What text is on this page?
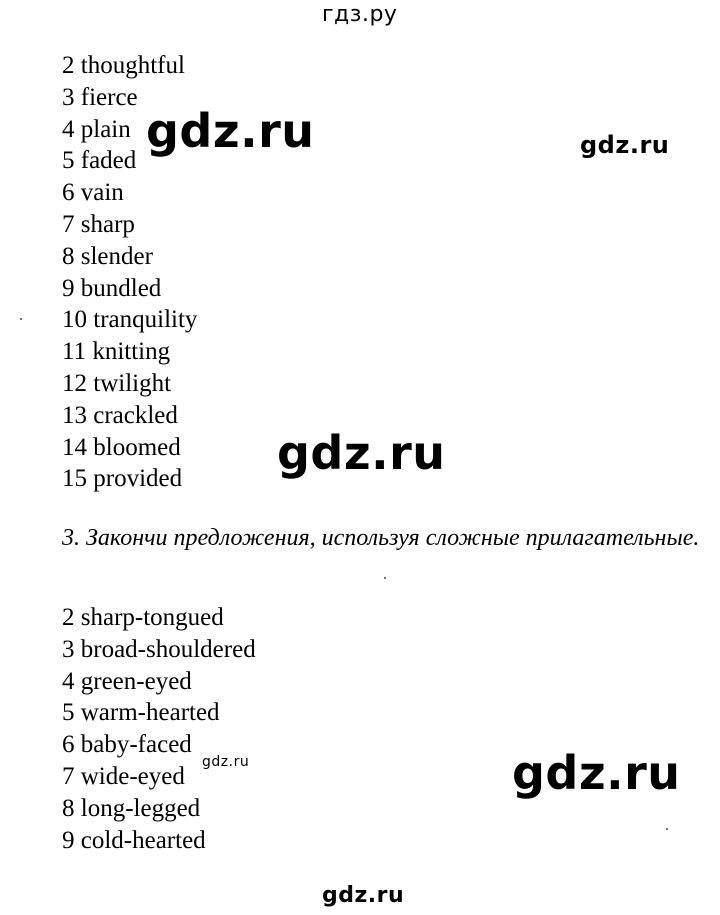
гдз.ру
2 thoughtful
3 fierce
4 plain
5 faded
6 vain
7 sharp
8 slender
9 bundled
10 tranquility
11 knitting
12 twilight
13 crackled
14 bloomed
15 provided

3. Закончи предложения, используя сложные прилагательные.

2 sharp-tongued
3 broad-shouldered
4 green-eyed
5 warm-hearted
6 baby-faced
7 wide-eyed
8 long-legged
9 cold-hearted
gdz.ru	gdz.ru
gdz.ru
gdz.ru	gdz.ru
gdz.ru
